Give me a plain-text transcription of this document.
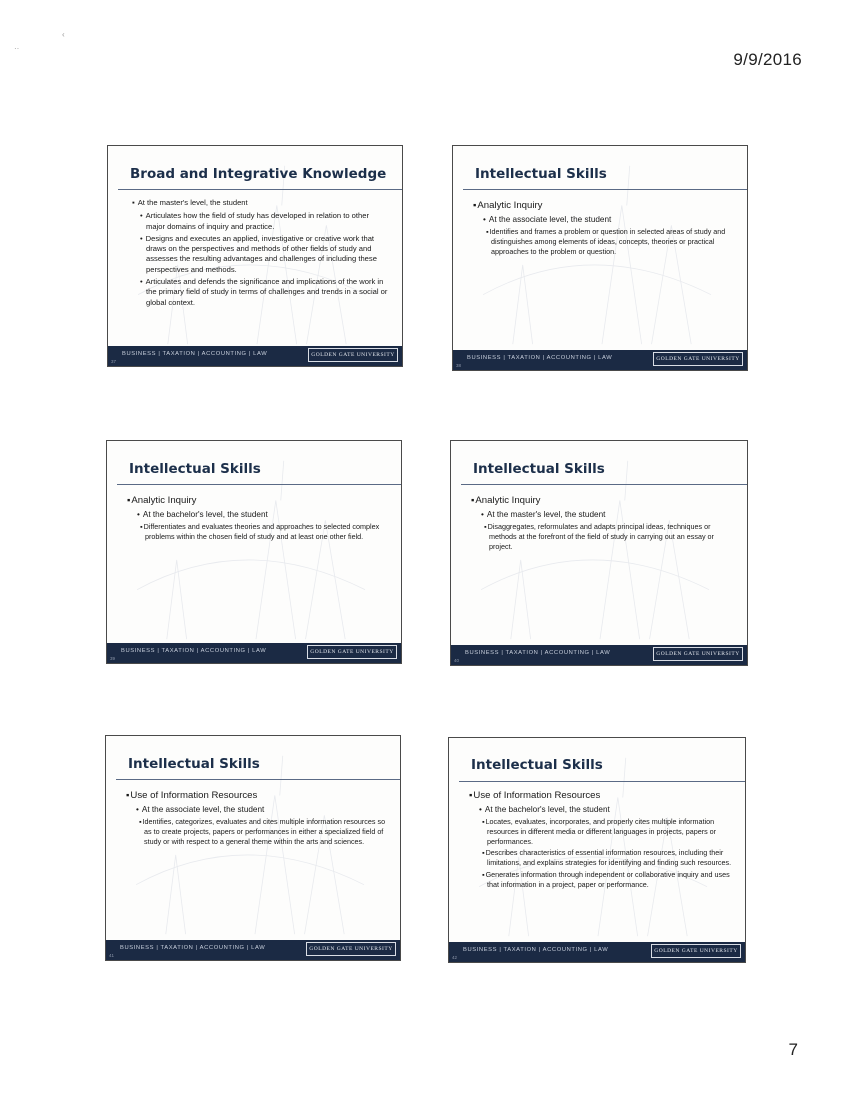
9/9/2016
‹
··
Broad and Integrative Knowledge
▪ At the master's level, the student
• Articulates how the field of study has developed in relation to other major domains of inquiry and practice.
• Designs and executes an applied, investigative or creative work that draws on the perspectives and methods of other fields of study and assesses the resulting advantages and challenges of including these perspectives and methods.
• Articulates and defends the significance and implications of the work in the primary field of study in terms of challenges and trends in a social or global context.
37
BUSINESS | TAXATION | ACCOUNTING | LAW	GOLDEN GATE UNIVERSITY
Intellectual Skills
▪ Analytic Inquiry
• At the associate level, the student
▪ Identifies and frames a problem or question in selected areas of study and distinguishes among elements of ideas, concepts, theories or practical approaches to the problem or question.
38
BUSINESS | TAXATION | ACCOUNTING | LAW	GOLDEN GATE UNIVERSITY
Intellectual Skills
▪ Analytic Inquiry
• At the bachelor's level, the student
▪ Differentiates and evaluates theories and approaches to selected complex problems within the chosen field of study and at least one other field.
39
BUSINESS | TAXATION | ACCOUNTING | LAW	GOLDEN GATE UNIVERSITY
Intellectual Skills
▪ Analytic Inquiry
• At the master's level, the student
▪ Disaggregates, reformulates and adapts principal ideas, techniques or methods at the forefront of the field of study in carrying out an essay or project.
40
BUSINESS | TAXATION | ACCOUNTING | LAW	GOLDEN GATE UNIVERSITY
Intellectual Skills
▪ Use of Information Resources
• At the associate level, the student
▪ Identifies, categorizes, evaluates and cites multiple information resources so as to create projects, papers or performances in either a specialized field of study or with respect to a general theme within the arts and sciences.
41
BUSINESS | TAXATION | ACCOUNTING | LAW	GOLDEN GATE UNIVERSITY
Intellectual Skills
▪ Use of Information Resources
• At the bachelor's level, the student
▪ Locates, evaluates, incorporates, and properly cites multiple information resources in different media or different languages in projects, papers or performances.
▪ Describes characteristics of essential information resources, including their limitations, and explains strategies for identifying and finding such resources.
▪ Generates information through independent or collaborative inquiry and uses that information in a project, paper or performance.
42
BUSINESS | TAXATION | ACCOUNTING | LAW	GOLDEN GATE UNIVERSITY
7
